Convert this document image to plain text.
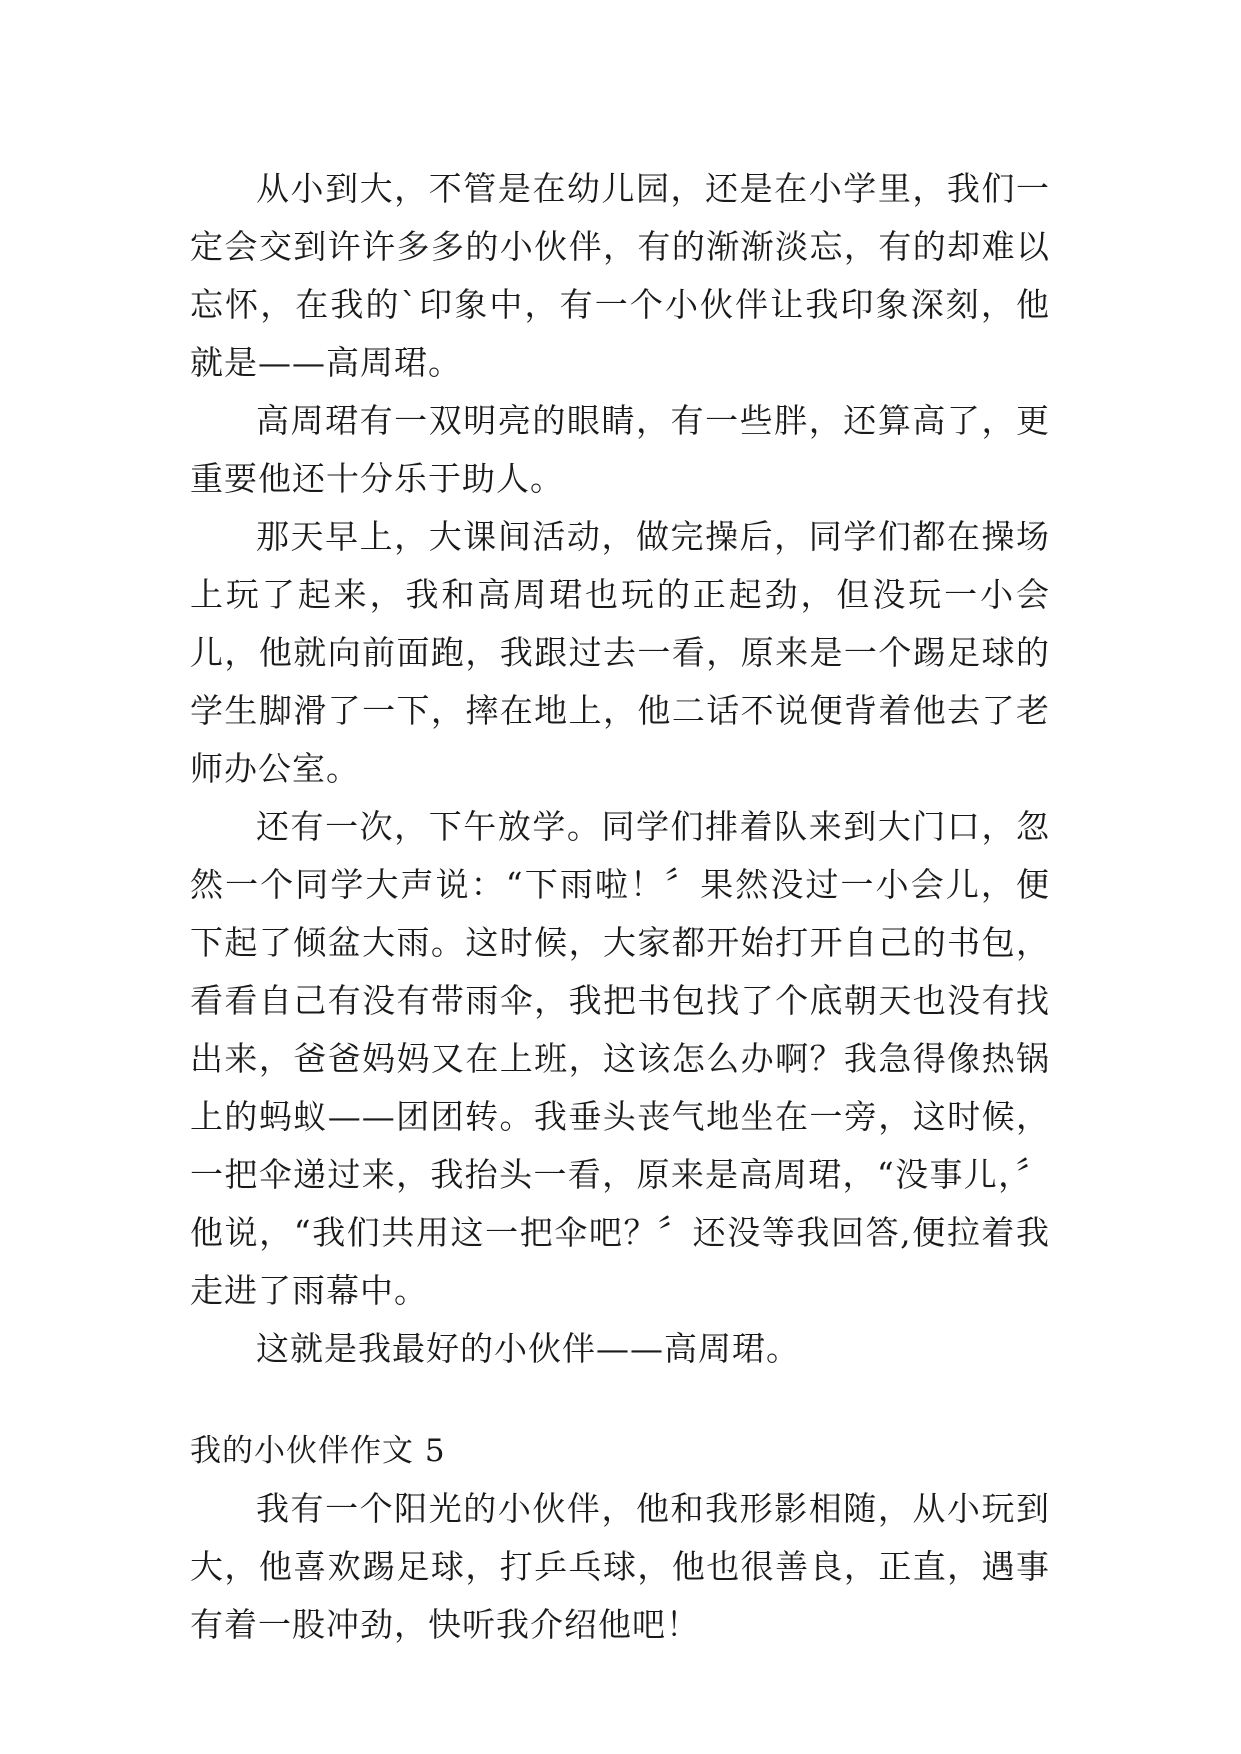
从小到大，不管是在幼儿园，还是在小学里，我们一定会交到许许多多的小伙伴，有的渐渐淡忘，有的却难以忘怀，在我的`印象中，有一个小伙伴让我印象深刻，他就是——高周珺。

高周珺有一双明亮的眼睛，有一些胖，还算高了，更重要他还十分乐于助人。

那天早上，大课间活动，做完操后，同学们都在操场上玩了起来，我和高周珺也玩的正起劲，但没玩一小会儿，他就向前面跑，我跟过去一看，原来是一个踢足球的学生脚滑了一下，摔在地上，他二话不说便背着他去了老师办公室。

还有一次，下午放学。同学们排着队来到大门口，忽然一个同学大声说：“下雨啦！〞果然没过一小会儿，便下起了倾盆大雨。这时候，大家都开始打开自己的书包，看看自己有没有带雨伞，我把书包找了个底朝天也没有找出来，爸爸妈妈又在上班，这该怎么办啊？我急得像热锅上的蚂蚁——团团转。我垂头丧气地坐在一旁，这时候，一把伞递过来，我抬头一看，原来是高周珺，“没事儿，〞他说，“我们共用这一把伞吧？〞还没等我回答,便拉着我走进了雨幕中。

这就是我最好的小伙伴——高周珺。

我的小伙伴作文 5

我有一个阳光的小伙伴，他和我形影相随，从小玩到大，他喜欢踢足球，打乒乓球，他也很善良，正直，遇事有着一股冲劲，快听我介绍他吧！
